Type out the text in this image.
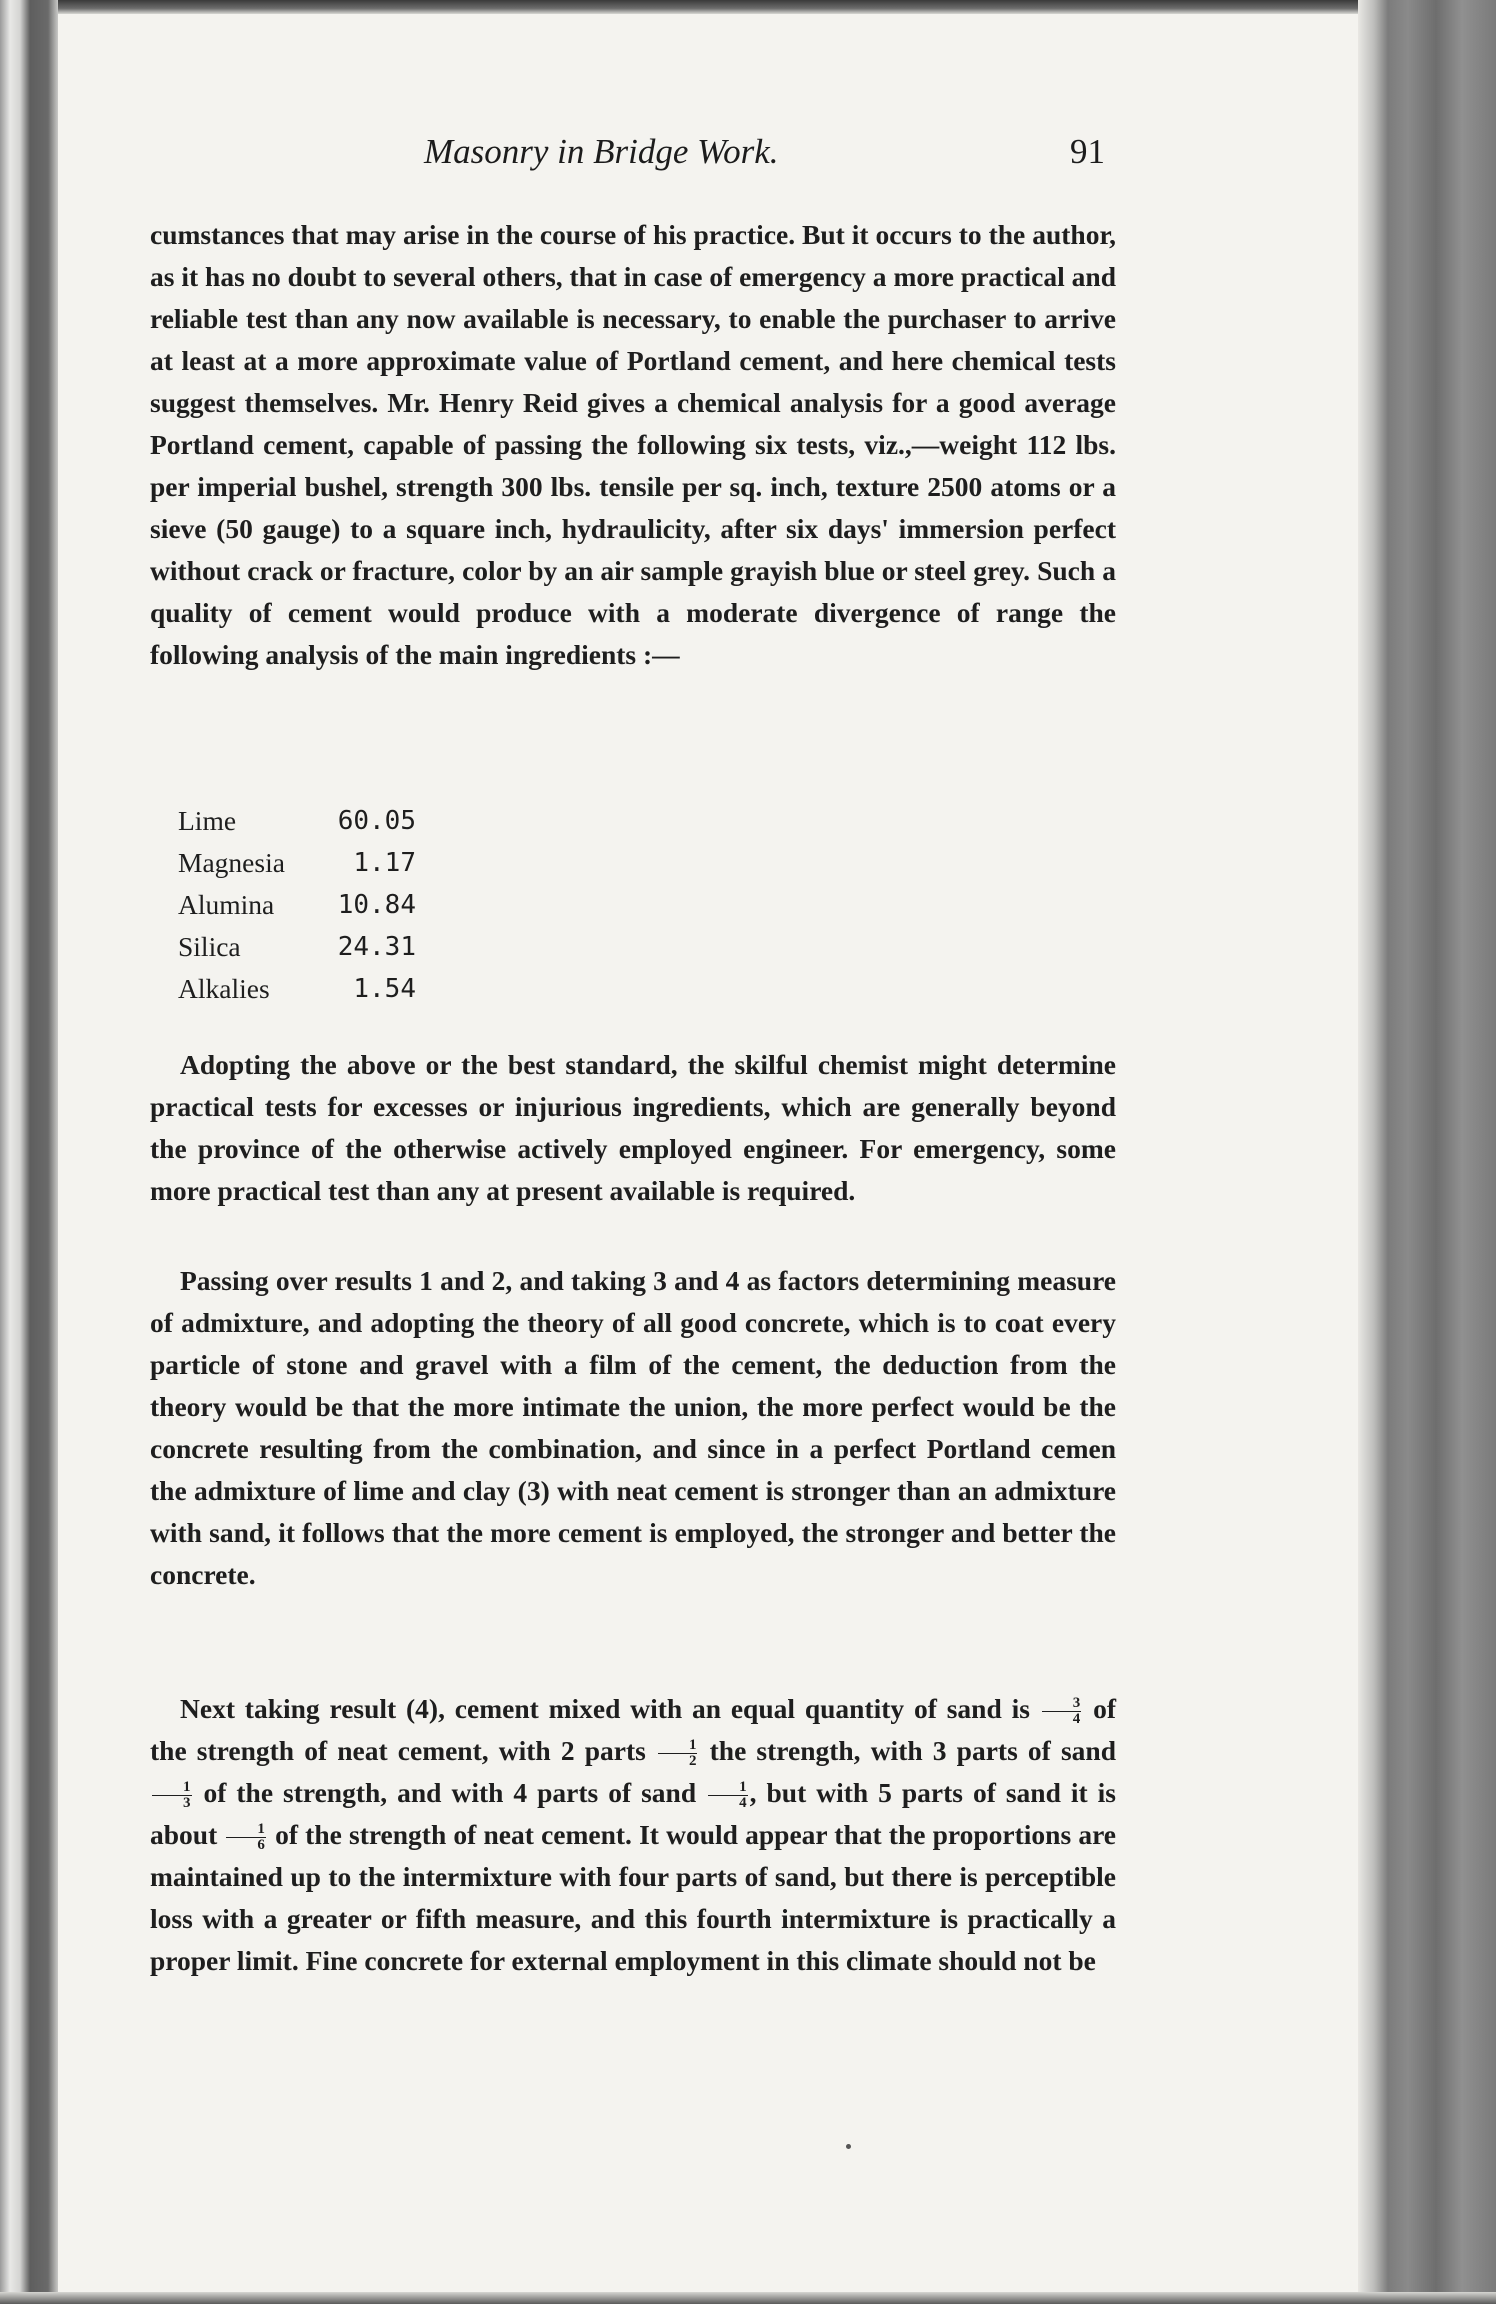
Masonry in Bridge Work.	91

cumstances that may arise in the course of his practice. But it occurs to the author, as it has no doubt to several others, that in case of emergency a more practical and reliable test than any now available is necessary, to enable the purchaser to arrive at least at a more approximate value of Portland cement, and here chemical tests suggest themselves. Mr. Henry Reid gives a chemical analysis for a good average Portland cement, capable of passing the following six tests, viz.,—weight 112 lbs. per imperial bushel, strength 300 lbs. tensile per sq. inch, texture 2500 atoms or a sieve (50 gauge) to a square inch, hydraulicity, after six days' immersion perfect without crack or fracture, color by an air sample grayish blue or steel grey. Such a quality of cement would produce with a moderate divergence of range the following analysis of the main ingredients :—

Lime	60.05
Magnesia	1.17
Alumina	10.84
Silica	24.31
Alkalies	1.54

Adopting the above or the best standard, the skilful chemist might determine practical tests for excesses or injurious ingredients, which are generally beyond the province of the otherwise actively employed engineer. For emergency, some more practical test than any at present available is required.

Passing over results 1 and 2, and taking 3 and 4 as factors determining measure of admixture, and adopting the theory of all good concrete, which is to coat every particle of stone and gravel with a film of the cement, the deduction from the theory would be that the more intimate the union, the more perfect would be the concrete resulting from the combination, and since in a perfect Portland cemen the admixture of lime and clay (3) with neat cement is stronger than an admixture with sand, it follows that the more cement is employed, the stronger and better the concrete.

Next taking result (4), cement mixed with an equal quantity of sand is $\frac{3}{4}$ of the strength of neat cement, with 2 parts $\frac{1}{2}$ the strength, with 3 parts of sand
$\frac{1}{3}$ of the strength, and with 4 parts of sand $\frac{1}{4}$ , but with 5 parts of sand it is about $\frac{1}{6}$ of the strength of neat cement. It would appear that the proportions are maintained up to the intermixture with four parts of sand, but there is perceptible loss with a greater or fifth measure, and this fourth intermixture is practically a proper limit. Fine concrete for external employment in this climate should not be
